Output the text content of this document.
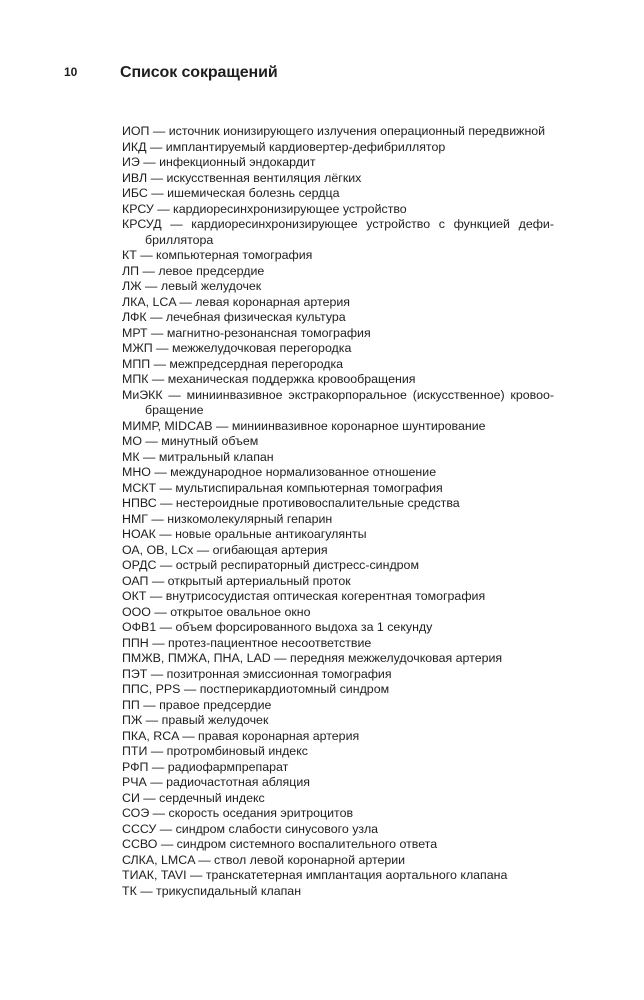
10	Список сокращений
ИОП — источник ионизирующего излучения операционный передвижной
ИКД — имплантируемый кардиовертер-дефибриллятор
ИЭ — инфекционный эндокардит
ИВЛ — искусственная вентиляция лёгких
ИБС — ишемическая болезнь сердца
КРСУ — кардиоресинхронизирующее устройство
КРСУД — кардиоресинхронизирующее устройство с функцией дефибриллятора
КТ — компьютерная томография
ЛП — левое предсердие
ЛЖ — левый желудочек
ЛКА, LCA — левая коронарная артерия
ЛФК — лечебная физическая культура
МРТ — магнитно-резонансная томография
МЖП — межжелудочковая перегородка
МПП — межпредсердная перегородка
МПК — механическая поддержка кровообращения
МиЭКК — миниинвазивное экстракорпоральное (искусственное) кровообращение
МИМР, MIDCAB — миниинвазивное коронарное шунтирование
МО — минутный объем
МК — митральный клапан
МНО — международное нормализованное отношение
МСКТ — мультиспиральная компьютерная томография
НПВС — нестероидные противовоспалительные средства
НМГ — низкомолекулярный гепарин
НОАК — новые оральные антикоагулянты
ОА, ОВ, LCx — огибающая артерия
ОРДС — острый респираторный дистресс-синдром
ОАП — открытый артериальный проток
ОКТ — внутрисосудистая оптическая когерентная томография
ООО — открытое овальное окно
ОФВ1 — объем форсированного выдоха за 1 секунду
ППН — протез-пациентное несоответствие
ПМЖВ, ПМЖА, ПНА, LAD — передняя межжелудочковая артерия
ПЭТ — позитронная эмиссионная томография
ППС, PPS — постперикардиотомный синдром
ПП — правое предсердие
ПЖ — правый желудочек
ПКА, RCA — правая коронарная артерия
ПТИ — протромбиновый индекс
РФП — радиофармпрепарат
РЧА — радиочастотная абляция
СИ — сердечный индекс
СОЭ — скорость оседания эритроцитов
СССУ — синдром слабости синусового узла
ССВО — синдром системного воспалительного ответа
СЛКА, LMCA — ствол левой коронарной артерии
ТИАК, TAVI — транскатетерная имплантация аортального клапана
ТК — трикуспидальный клапан
